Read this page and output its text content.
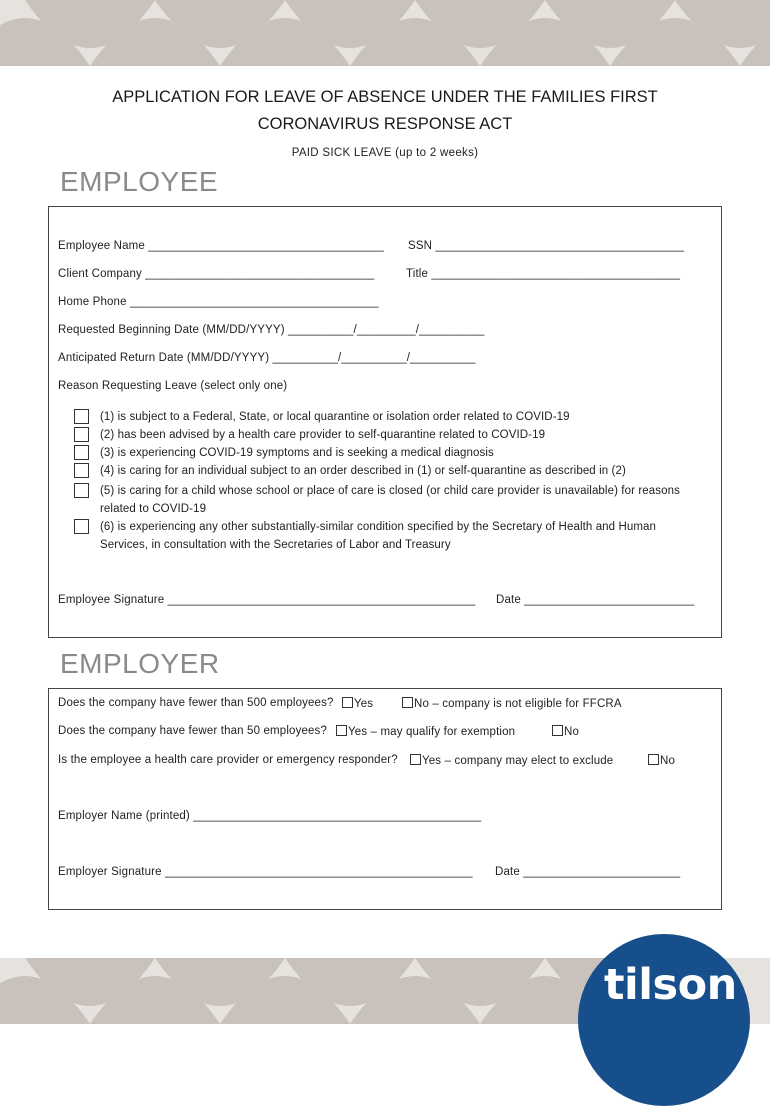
APPLICATION FOR LEAVE OF ABSENCE UNDER THE FAMILIES FIRST
CORONAVIRUS RESPONSE ACT
PAID SICK LEAVE (up to 2 weeks)
EMPLOYEE
Employee Name ____________________________________ SSN ______________________________________
Client Company ___________________________________	Title ______________________________________
Home Phone ______________________________________
Requested Beginning Date (MM/DD/YYYY) __________/_________/__________
Anticipated Return Date (MM/DD/YYYY) __________/__________/__________
Reason Requesting Leave (select only one)
(1) is subject to a Federal, State, or local quarantine or isolation order related to COVID-19
(2) has been advised by a health care provider to self-quarantine related to COVID-19
(3) is experiencing COVID-19 symptoms and is seeking a medical diagnosis
(4) is caring for an individual subject to an order described in (1) or self-quarantine as described in (2)
(5) is caring for a child whose school or place of care is closed (or child care provider is unavailable) for reasons
related to COVID-19
(6) is experiencing any other substantially-similar condition specified by the Secretary of Health and Human
Services, in consultation with the Secretaries of Labor and Treasury
Employee Signature _______________________________________________ Date __________________________
EMPLOYER
Does the company have fewer than 500 employees?	Yes	No – company is not eligible for FFCRA
Does the company have fewer than 50 employees?	Yes – may qualify for exemption	No
Is the employee a health care provider or emergency responder?	Yes – company may elect to exclude	No
Employer Name (printed) ____________________________________________
Employer Signature _______________________________________________ Date ________________________
tilson
